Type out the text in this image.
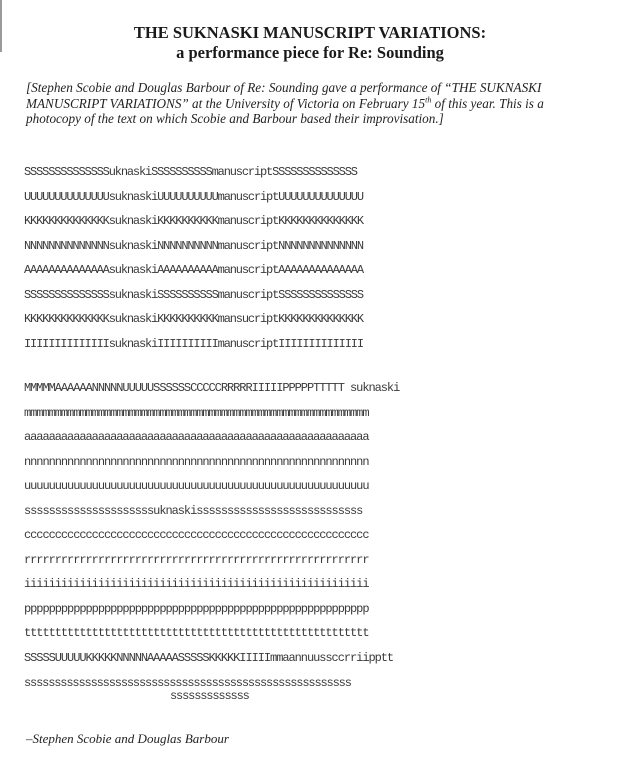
THE SUKNASKI MANUSCRIPT VARIATIONS:
a performance piece for Re: Sounding

[Stephen Scobie and Douglas Barbour of Re: Sounding gave a performance of “THE SUKNASKI MANUSCRIPT VARIATIONS” at the University of Victoria on February 15th of this year. This is a photocopy of the text on which Scobie and Barbour based their improvisation.]

SSSSSSSSSSSSSSuknaskiSSSSSSSSSSmanuscriptSSSSSSSSSSSSSS
UUUUUUUUUUUUUUsuknaskiUUUUUUUUUUmanuscriptUUUUUUUUUUUUUU
KKKKKKKKKKKKKKsuknaskiKKKKKKKKKKmanuscriptKKKKKKKKKKKKKK
NNNNNNNNNNNNNNsuknaskiNNNNNNNNNNmanuscriptNNNNNNNNNNNNNN
AAAAAAAAAAAAAAsuknaskiAAAAAAAAAAmanuscriptAAAAAAAAAAAAAA
SSSSSSSSSSSSSSsuknaskiSSSSSSSSSSmanuscriptSSSSSSSSSSSSSS
KKKKKKKKKKKKKKsuknaskiKKKKKKKKKKmansucriptKKKKKKKKKKKKKK
IIIIIIIIIIIIIIsuknaskiIIIIIIIIIImanuscriptIIIIIIIIIIIIII
MMMMMAAAAAANNNNNUUUUUSSSSSSCCCCCRRRRRIIIIIPPPPPTTTTT suknaski
mmmmmmmmmmmmmmmmmmmmmmmmmmmmmmmmmmmmmmmmmmmmmmmmmmmmmmmm
aaaaaaaaaaaaaaaaaaaaaaaaaaaaaaaaaaaaaaaaaaaaaaaaaaaaaaaa
nnnnnnnnnnnnnnnnnnnnnnnnnnnnnnnnnnnnnnnnnnnnnnnnnnnnnnnn
uuuuuuuuuuuuuuuuuuuuuuuuuuuuuuuuuuuuuuuuuuuuuuuuuuuuuuuu
sssssssssssssssssssssuknaskisssssssssssssssssssssssssss
cccccccccccccccccccccccccccccccccccccccccccccccccccccccc
rrrrrrrrrrrrrrrrrrrrrrrrrrrrrrrrrrrrrrrrrrrrrrrrrrrrrrrr
iiiiiiiiiiiiiiiiiiiiiiiiiiiiiiiiiiiiiiiiiiiiiiiiiiiiiiii
pppppppppppppppppppppppppppppppppppppppppppppppppppppppp
tttttttttttttttttttttttttttttttttttttttttttttttttttttttt
SSSSSUUUUUKKKKKNNNNNAAAAASSSSSKKKKKIIIIImmaannuussccrriipptt
ssssssssssssssssssssssssssssssssssssssssssssssssssssss
sssssssssssss

–Stephen Scobie and Douglas Barbour
